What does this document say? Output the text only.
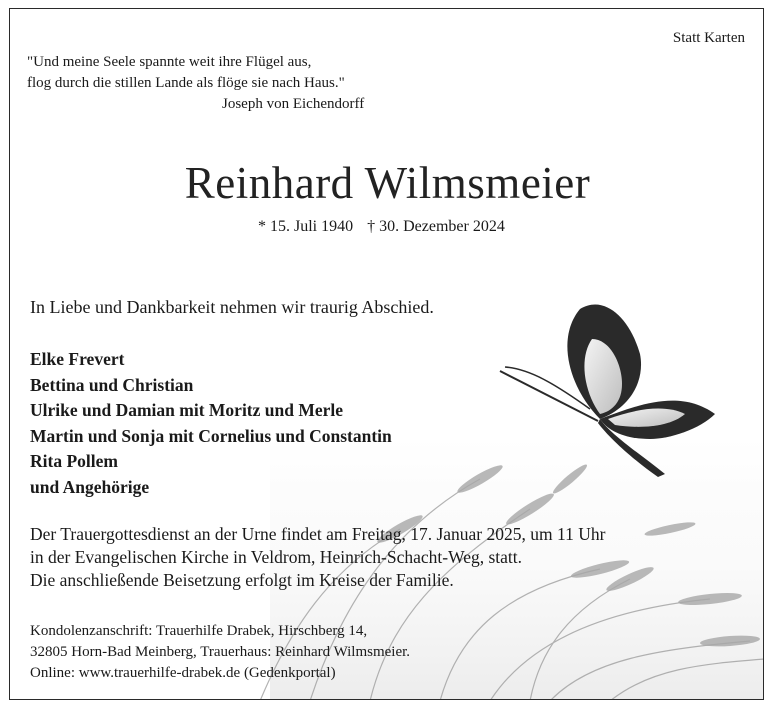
Statt Karten
"Und meine Seele spannte weit ihre Flügel aus,
flog durch die stillen Lande als flöge sie nach Haus."
Joseph von Eichendorff
Reinhard Wilmsmeier
* 15. Juli 1940 † 30. Dezember 2024
In Liebe und Dankbarkeit nehmen wir traurig Abschied.
Elke Frevert
Bettina und Christian
Ulrike und Damian mit Moritz und Merle
Martin und Sonja mit Cornelius und Constantin
Rita Pollem
und Angehörige
Der Trauergottesdienst an der Urne findet am Freitag, 17. Januar 2025, um 11 Uhr
in der Evangelischen Kirche in Veldrom, Heinrich-Schacht-Weg, statt.
Die anschließende Beisetzung erfolgt im Kreise der Familie.
Kondolenzanschrift: Trauerhilfe Drabek, Hirschberg 14,
32805 Horn-Bad Meinberg, Trauerhaus: Reinhard Wilmsmeier.
Online: www.trauerhilfe-drabek.de (Gedenkportal)
